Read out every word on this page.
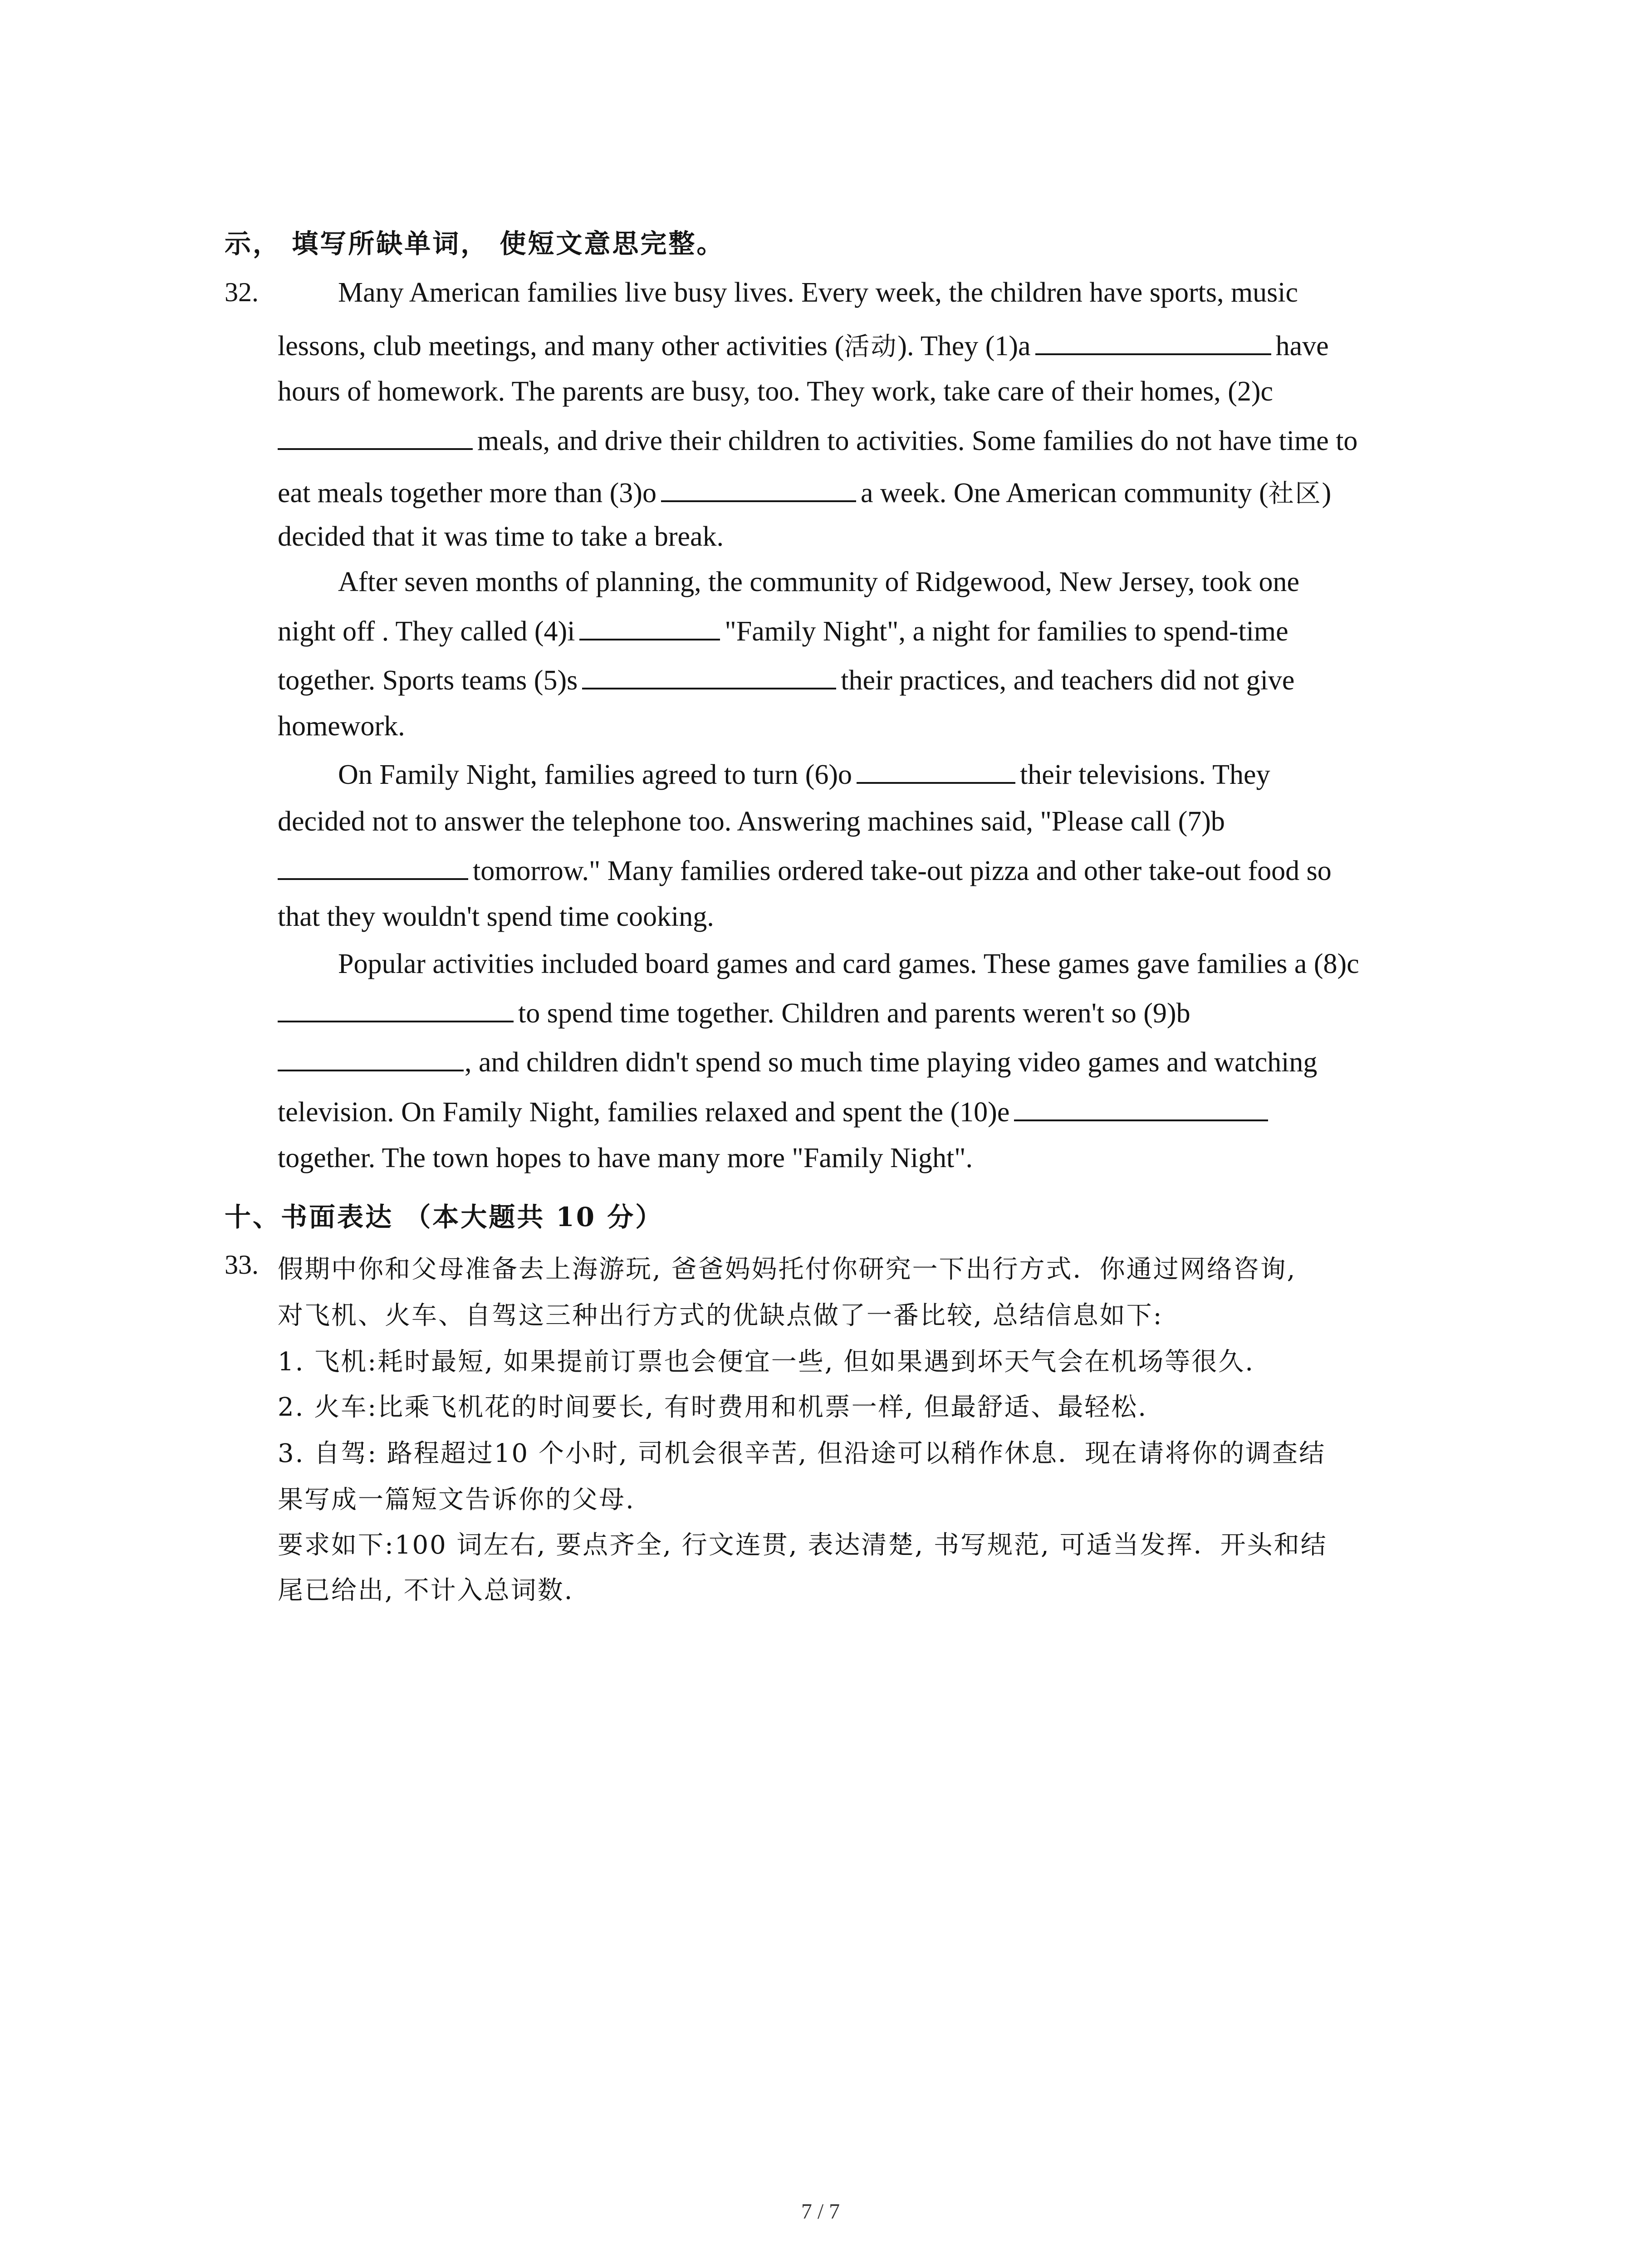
示， 填写所缺单词， 使短文意思完整。
32.	Many American families live busy lives. Every week, the children have sports, music
lessons, club meetings, and many other activities (活动). They (1)a	have
hours of homework. The parents are busy, too. They work, take care of their homes, (2)c
meals, and drive their children to activities. Some families do not have time to
eat meals together more than (3)o	a week. One American community (社区)
decided that it was time to take a break.
After seven months of planning, the community of Ridgewood, New Jersey, took one
night off . They called (4)i	"Family Night", a night for families to spend-time
together. Sports teams (5)s	their practices, and teachers did not give
homework.
On Family Night, families agreed to turn (6)o	their televisions. They
decided not to answer the telephone too. Answering machines said, "Please call (7)b
tomorrow." Many families ordered take-out pizza and other take-out food so
that they wouldn't spend time cooking.
Popular activities included board games and card games. These games gave families a (8)c
to spend time together. Children and parents weren't so (9)b
, and children didn't spend so much time playing video games and watching
television. On Family Night, families relaxed and spent the (10)e
together. The town hopes to have many more "Family Night".
十、书面表达 （本大题共 10 分）
33. 假期中你和父母准备去上海游玩, 爸爸妈妈托付你研究一下出行方式．你通过网络咨询,
对飞机、火车、自驾这三种出行方式的优缺点做了一番比较, 总结信息如下:
1. 飞机:耗时最短, 如果提前订票也会便宜一些, 但如果遇到坏天气会在机场等很久.
2. 火车:比乘飞机花的时间要长, 有时费用和机票一样, 但最舒适、最轻松.
3. 自驾: 路程超过10 个小时, 司机会很辛苦, 但沿途可以稍作休息．现在请将你的调查结
果写成一篇短文告诉你的父母.
要求如下:100 词左右, 要点齐全, 行文连贯, 表达清楚, 书写规范, 可适当发挥．开头和结
尾已给出, 不计入总词数.
7 / 7
